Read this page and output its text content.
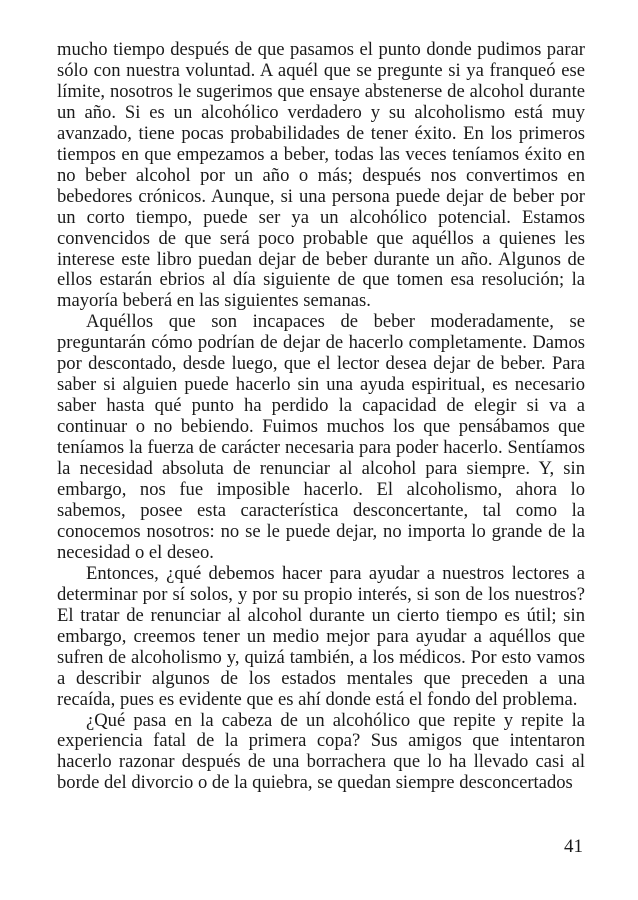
mucho tiempo después de que pasamos el punto donde pudimos parar sólo con nuestra voluntad. A aquél que se pregunte si ya franqueó ese límite, nosotros le sugerimos que ensaye abstenerse de alcohol durante un año. Si es un alcohólico verdadero y su alcoholismo está muy avanzado, tiene pocas probabilidades de tener éxito. En los primeros tiempos en que empezamos a beber, todas las veces teníamos éxito en no beber alcohol por un año o más; después nos convertimos en bebedores crónicos. Aunque, si una persona puede dejar de beber por un corto tiempo, puede ser ya un alcohólico potencial. Estamos convencidos de que será poco probable que aquéllos a quienes les interese este libro puedan dejar de beber durante un año. Algunos de ellos estarán ebrios al día siguiente de que tomen esa resolución; la mayoría beberá en las siguientes semanas.

Aquéllos que son incapaces de beber moderadamente, se preguntarán cómo podrían de dejar de hacerlo completamente. Damos por descontado, desde luego, que el lector desea dejar de beber. Para saber si alguien puede hacerlo sin una ayuda espiritual, es necesario saber hasta qué punto ha perdido la capacidad de elegir si va a continuar o no bebiendo. Fuimos muchos los que pensábamos que teníamos la fuerza de carácter necesaria para poder hacerlo. Sentíamos la necesidad absoluta de renunciar al alcohol para siempre. Y, sin embargo, nos fue imposible hacerlo. El alcoholismo, ahora lo sabemos, posee esta característica desconcertante, tal como la conocemos nosotros: no se le puede dejar, no importa lo grande de la necesidad o el deseo.

Entonces, ¿qué debemos hacer para ayudar a nuestros lectores a determinar por sí solos, y por su propio interés, si son de los nuestros? El tratar de renunciar al alcohol durante un cierto tiempo es útil; sin embargo, creemos tener un medio mejor para ayudar a aquéllos que sufren de alcoholismo y, quizá también, a los médicos. Por esto vamos a describir algunos de los estados mentales que preceden a una recaída, pues es evidente que es ahí donde está el fondo del problema.

¿Qué pasa en la cabeza de un alcohólico que repite y repite la experiencia fatal de la primera copa? Sus amigos que intentaron hacerlo razonar después de una borrachera que lo ha llevado casi al borde del divorcio o de la quiebra, se quedan siempre desconcertados

41
